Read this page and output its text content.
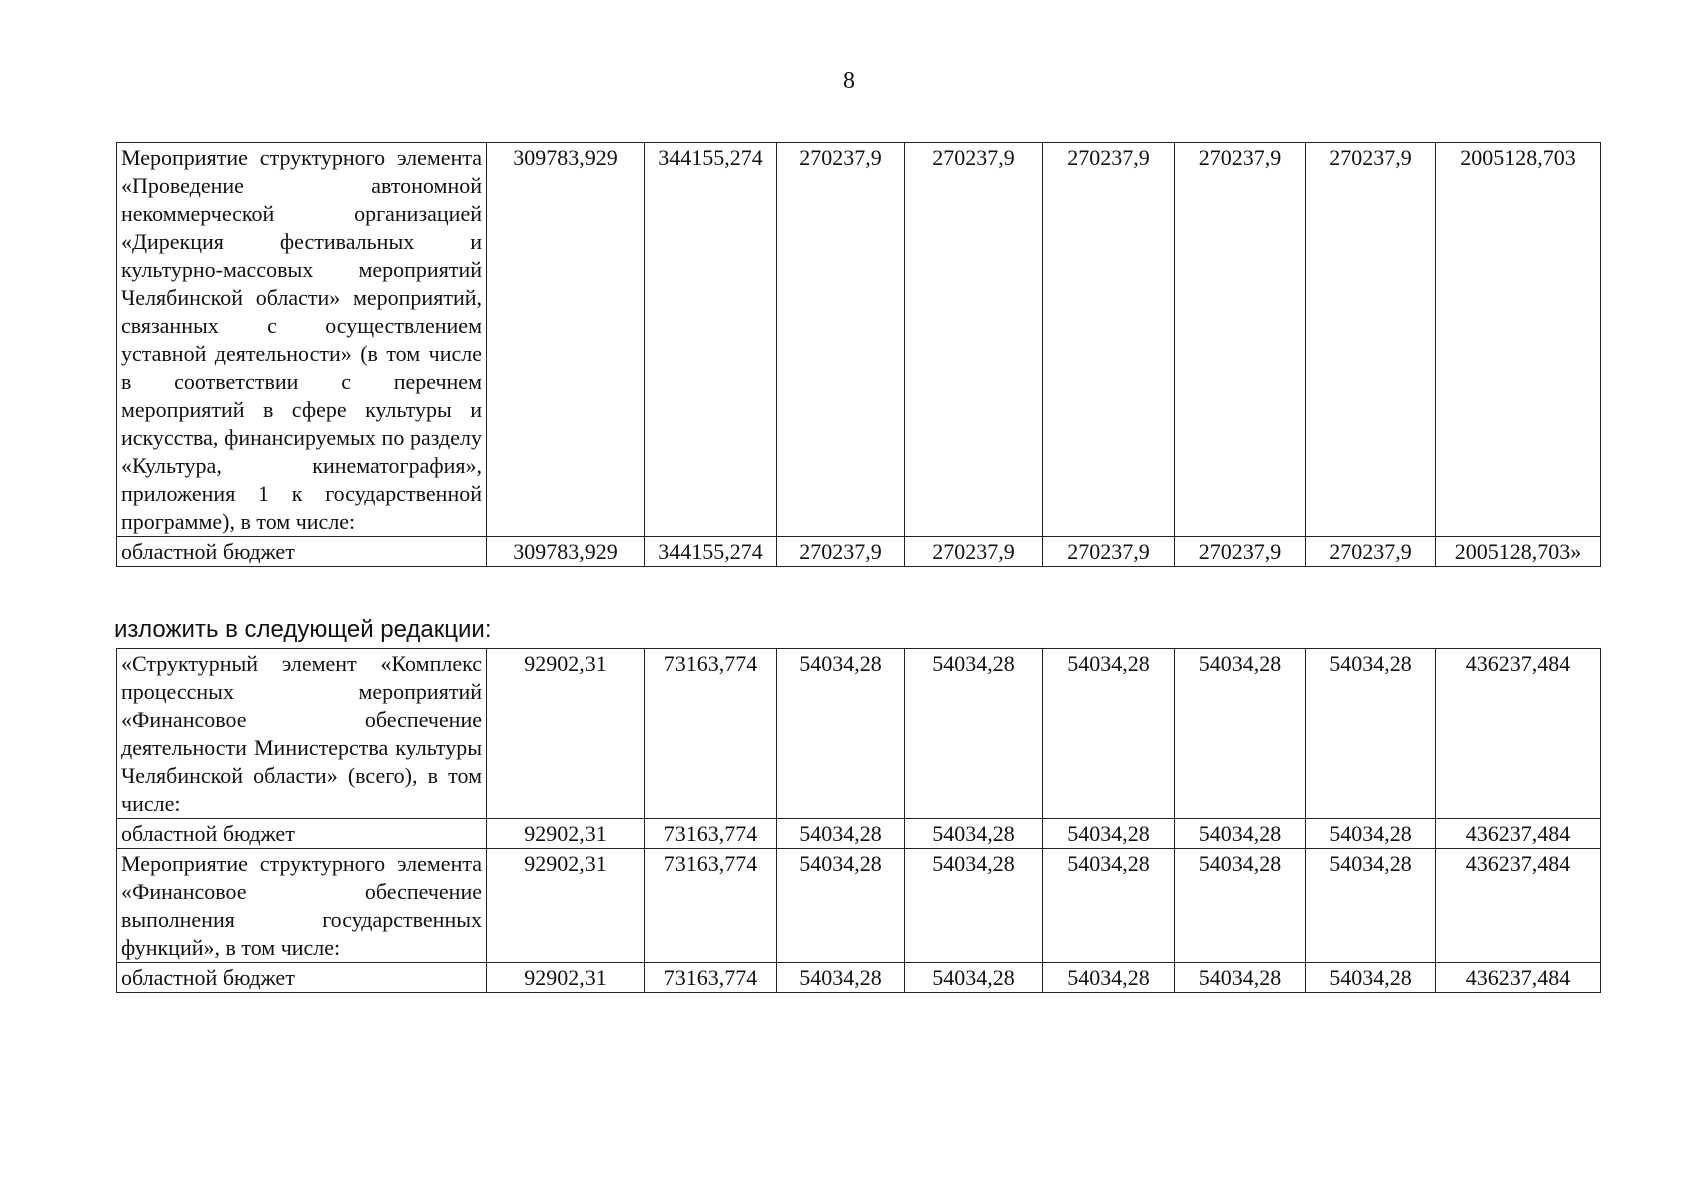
8
Мероприятие структурного элемента «Проведение автономной некоммерческой организацией «Дирекция фестивальных и культурно-массовых мероприятий Челябинской области» мероприятий, связанных с осуществлением уставной деятельности» (в том числе в соответствии с перечнем мероприятий в сфере культуры и искусства, финансируемых по разделу «Культура, кинематография», приложения 1 к государственной программе), в том числе:	309783,929	344155,274	270237,9	270237,9	270237,9	270237,9	270237,9	2005128,703
областной бюджет	309783,929	344155,274	270237,9	270237,9	270237,9	270237,9	270237,9	2005128,703»
изложить в следующей редакции:
«Структурный элемент «Комплекс процессных мероприятий «Финансовое обеспечение деятельности Министерства культуры Челябинской области» (всего), в том числе:	92902,31	73163,774	54034,28	54034,28	54034,28	54034,28	54034,28	436237,484
областной бюджет	92902,31	73163,774	54034,28	54034,28	54034,28	54034,28	54034,28	436237,484
Мероприятие структурного элемента «Финансовое обеспечение выполнения государственных функций», в том числе:	92902,31	73163,774	54034,28	54034,28	54034,28	54034,28	54034,28	436237,484
областной бюджет	92902,31	73163,774	54034,28	54034,28	54034,28	54034,28	54034,28	436237,484
